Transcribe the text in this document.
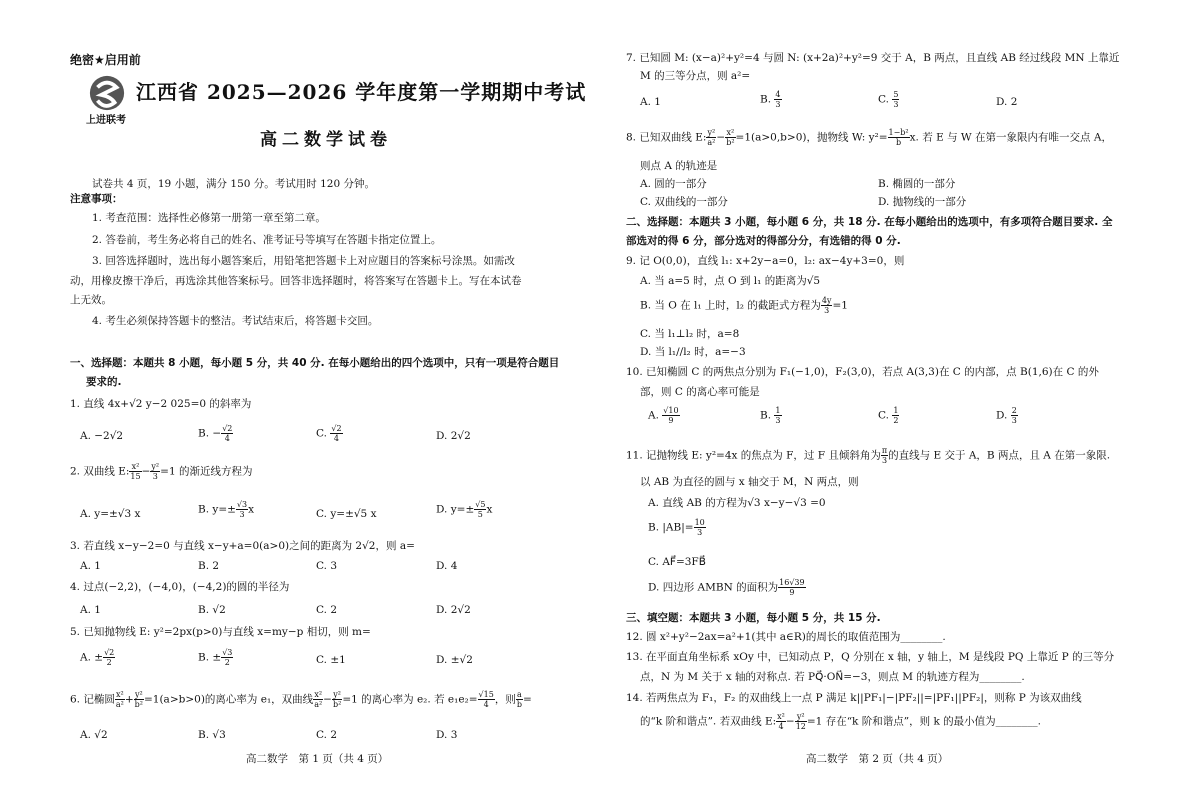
绝密★启用前
上进联考
江西省 2025—2026 学年度第一学期期中考试
高二数学试卷
试卷共 4 页，19 小题，满分 150 分。考试用时 120 分钟。
注意事项：
1. 考查范围：选择性必修第一册第一章至第二章。
2. 答卷前，考生务必将自己的姓名、准考证号等填写在答题卡指定位置上。
3. 回答选择题时，选出每小题答案后，用铅笔把答题卡上对应题目的答案标号涂黑。如需改
动，用橡皮擦干净后，再选涂其他答案标号。回答非选择题时，将答案写在答题卡上。写在本试卷
上无效。
4. 考生必须保持答题卡的整洁。考试结束后，将答题卡交回。
一、选择题：本题共 8 小题，每小题 5 分，共 40 分. 在每小题给出的四个选项中，只有一项是符合题目
要求的.
1. 直线 4x+√2 y−2 025=0 的斜率为
A. −2√2	B. − $\frac{√2}{4}$	C. $\frac{√2}{4}$	D. 2√2
2. 双曲线 E: $\frac{\text{x²}}{15} - \frac{\text{y²}}{3} =1$ 的渐近线方程为
A. y=±√3 x	B. $y=\pm \frac{√3}{3}$ x	C. y=±√5 x	D. $y=\pm \frac{√5}{5}$ x
3. 若直线 x−y−2=0 与直线 x−y+a=0(a>0)之间的距离为 2√2，则 a=
A. 1	B. 2	C. 3	D. 4
4. 过点(−2,2)，(−4,0)，(−4,2)的圆的半径为
A. 1	B. √2	C. 2	D. 2√2
5. 已知抛物线 E: y²=2px(p>0)与直线 x=my−p 相切，则 m=
A. ± $\frac{√2}{2}$	B. ± $\frac{√3}{2}$	C. ±1	D. ±√2
6. 记椭圆 $\frac{\text{x²}}{\text{a²}} + \frac{\text{y²}}{\text{b²}} =1(a>b>0)$的离心率为 e₁，双曲线 $\frac{\text{x²}}{\text{a²}} - \frac{\text{y²}}{\text{b²}} =1$ 的离心率为 e₂. 若 $e_1e_2= \frac{√15}{4}$ ，则 $\frac{a}{b}$ =
A. √2	B. √3	C. 2	D. 3
高二数学　第 1 页（共 4 页）
7. 已知圆 M: (x−a)²+y²=4 与圆 N: (x+2a)²+y²=9 交于 A，B 两点，且直线 AB 经过线段 MN 上靠近
M 的三等分点，则 a²=
A. 1	B. $\frac{4}{3}$	C. $\frac{5}{3}$	D. 2
8. 已知双曲线 E: $\frac{\text{y²}}{\text{a²}} - \frac{\text{x²}}{\text{b²}} =1(a>0,b>0)$，抛物线 W: $y^2= \frac{\text{1−b²}}{b} x$. 若 E 与 W 在第一象限内有唯一交点 A，
则点 A 的轨迹是
A. 圆的一部分	B. 椭圆的一部分
C. 双曲线的一部分	D. 抛物线的一部分
二、选择题：本题共 3 小题，每小题 6 分，共 18 分. 在每小题给出的选项中，有多项符合题目要求. 全
部选对的得 6 分，部分选对的得部分分，有选错的得 0 分.
9. 记 O(0,0)，直线 l₁: x+2y−a=0，l₂: ax−4y+3=0，则
A. 当 a=5 时，点 O 到 l₁ 的距离为√5
B. 当 O 在 l₁ 上时，l₂ 的截距式方程为 $\frac{4y}{3} =1$
C. 当 l₁⊥l₂ 时，a=8
D. 当 l₁//l₂ 时，a=−3
10. 已知椭圆 C 的两焦点分别为 F₁(−1,0)，F₂(3,0)，若点 A(3,3)在 C 的内部，点 B(1,6)在 C 的外
部，则 C 的离心率可能是
A. $\frac{√10}{9}$	B. $\frac{1}{3}$	C. $\frac{1}{2}$	D. $\frac{2}{3}$
11. 记抛物线 E: y²=4x 的焦点为 F，过 F 且倾斜角为 $\frac{\pi}{3}$ 的直线与 E 交于 A，B 两点，且 A 在第一象限.
以 AB 为直径的圆与 x 轴交于 M，N 两点，则
A. 直线 AB 的方程为√3 x−y−√3 =0
B. $|AB|= \frac{10}{3}$
C. AF⃗=3FB⃗
D. 四边形 AMBN 的面积为 $\frac{16√39}{9}$
三、填空题：本题共 3 小题，每小题 5 分，共 15 分.
12. 圆 x²+y²−2ax=a²+1(其中 a∈R)的周长的取值范围为________.
13. 在平面直角坐标系 xOy 中，已知动点 P，Q 分别在 x 轴，y 轴上，M 是线段 PQ 上靠近 P 的三等分
点，N 为 M 关于 x 轴的对称点. 若 PQ⃗·ON⃗=−3，则点 M 的轨迹方程为________.
14. 若两焦点为 F₁，F₂ 的双曲线上一点 P 满足 k||PF₁|−|PF₂||=|PF₁||PF₂|，则称 P 为该双曲线
的“k 阶和谐点”. 若双曲线 E: $\frac{\text{x²}}{4} - \frac{\text{y²}}{12} =1$ 存在“k 阶和谐点”，则 k 的最小值为________.
高二数学　第 2 页（共 4 页）
